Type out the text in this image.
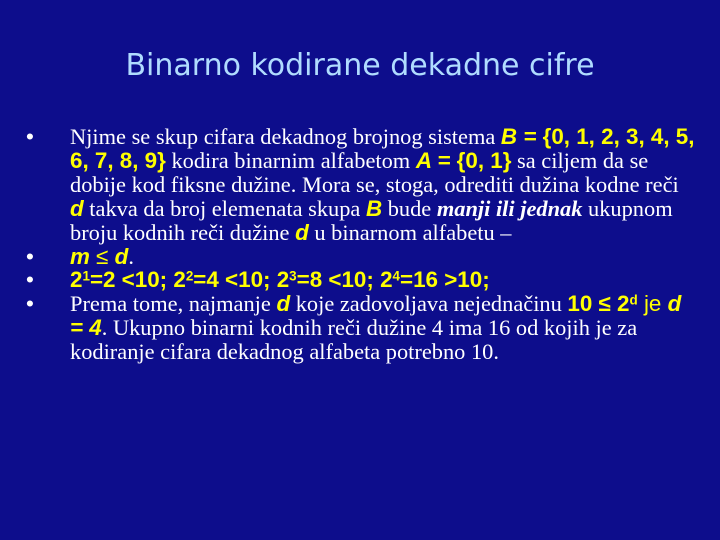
Binarno kodirane dekadne cifre
•	Njime se skup cifara dekadnog brojnog sistema B = {0, 1, 2, 3, 4, 5, 6, 7, 8, 9} kodira binarnim alfabetom A = {0, 1} sa ciljem da se dobije kod fiksne dužine. Mora se, stoga, odrediti dužina kodne reči d takva da broj elemenata skupa B bude manji ili jednak ukupnom broju kodnih reči dužine d u binarnom alfabetu –
•	m ≤ d.
•	$2^1=2 <10$; $2^2=4 <10$; $2^3=8 <10$; $2^4=16 >10$;
•	Prema tome, najmanje d koje zadovoljava nejednačinu $10 \le 2^d$ je d = 4. Ukupno binarni kodnih reči dužine 4 ima 16 od kojih je za kodiranje cifara dekadnog alfabeta potrebno 10.
